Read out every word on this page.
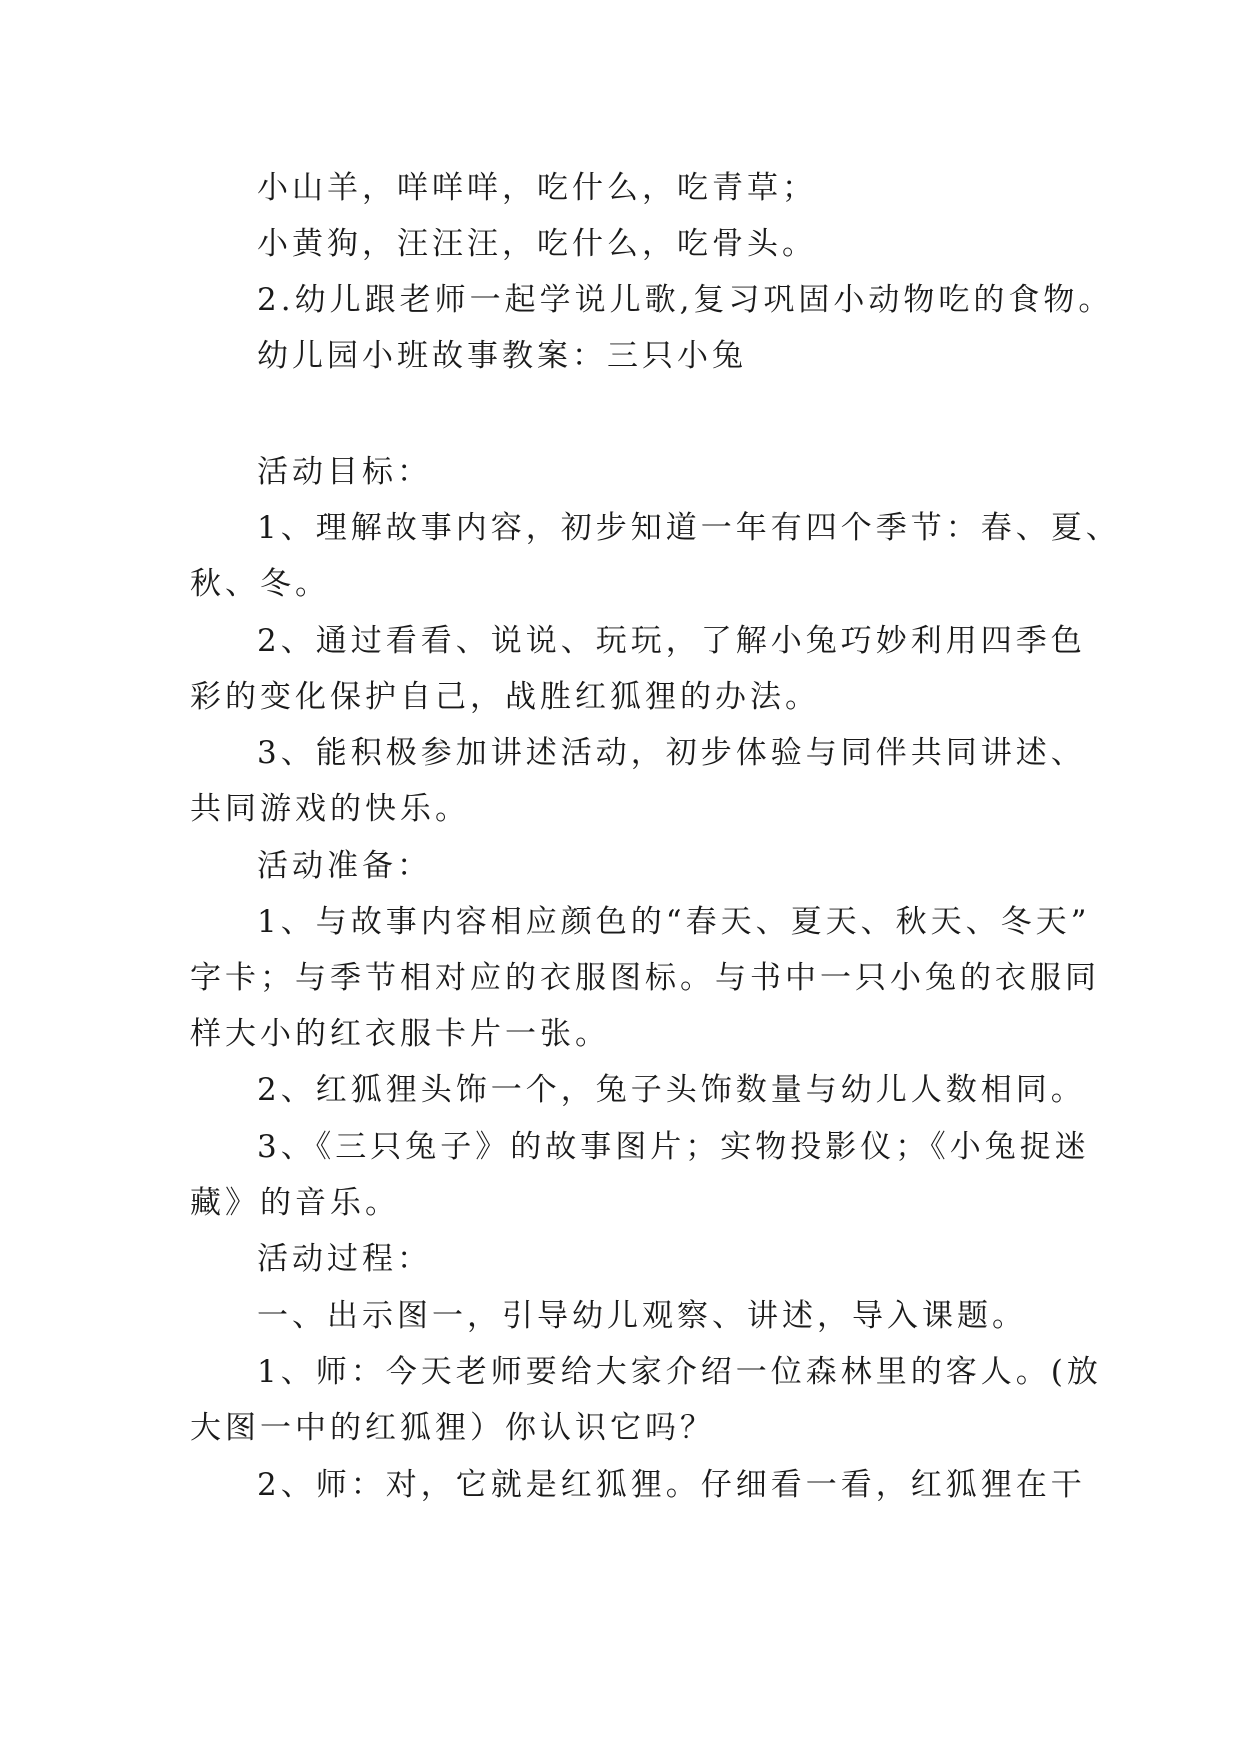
小山羊，咩咩咩，吃什么，吃青草；
小黄狗，汪汪汪，吃什么，吃骨头。
2.幼儿跟老师一起学说儿歌,复习巩固小动物吃的食物。
幼儿园小班故事教案：三只小兔
活动目标：
1、理解故事内容，初步知道一年有四个季节：春、夏、
秋、冬。
2、通过看看、说说、玩玩，了解小兔巧妙利用四季色
彩的变化保护自己，战胜红狐狸的办法。
3、能积极参加讲述活动，初步体验与同伴共同讲述、
共同游戏的快乐。
活动准备：
1、与故事内容相应颜色的“春天、夏天、秋天、冬天”
字卡；与季节相对应的衣服图标。与书中一只小兔的衣服同
样大小的红衣服卡片一张。
2、红狐狸头饰一个，兔子头饰数量与幼儿人数相同。
3、《三只兔子》的故事图片；实物投影仪；《小兔捉迷
藏》的音乐。
活动过程：
一、出示图一，引导幼儿观察、讲述，导入课题。
1、师：今天老师要给大家介绍一位森林里的客人。(放
大图一中的红狐狸）你认识它吗？
2、师：对，它就是红狐狸。仔细看一看，红狐狸在干
